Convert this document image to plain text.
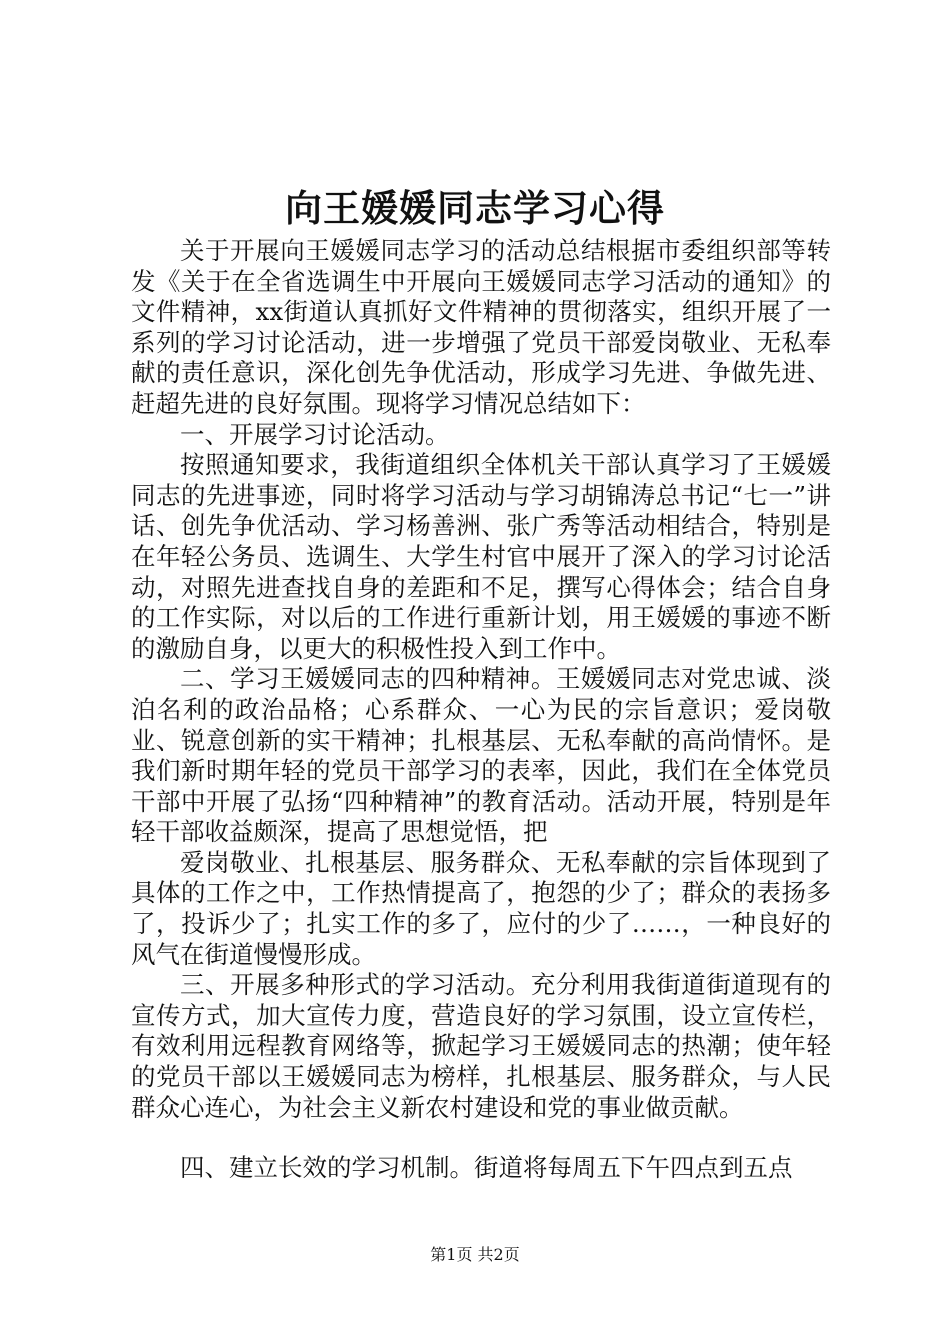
向王媛媛同志学习心得

关于开展向王媛媛同志学习的活动总结根据市委组织部等转发《关于在全省选调生中开展向王媛媛同志学习活动的通知》的文件精神，xx街道认真抓好文件精神的贯彻落实，组织开展了一系列的学习讨论活动，进一步增强了党员干部爱岗敬业、无私奉献的责任意识，深化创先争优活动，形成学习先进、争做先进、赶超先进的良好氛围。现将学习情况总结如下：

一、开展学习讨论活动。

按照通知要求，我街道组织全体机关干部认真学习了王媛媛同志的先进事迹，同时将学习活动与学习胡锦涛总书记“七一”讲话、创先争优活动、学习杨善洲、张广秀等活动相结合，特别是在年轻公务员、选调生、大学生村官中展开了深入的学习讨论活动，对照先进查找自身的差距和不足，撰写心得体会；结合自身的工作实际，对以后的工作进行重新计划，用王媛媛的事迹不断的激励自身，以更大的积极性投入到工作中。

二、学习王媛媛同志的四种精神。王媛媛同志对党忠诚、淡泊名利的政治品格；心系群众、一心为民的宗旨意识；爱岗敬业、锐意创新的实干精神；扎根基层、无私奉献的高尚情怀。是我们新时期年轻的党员干部学习的表率，因此，我们在全体党员干部中开展了弘扬“四种精神”的教育活动。活动开展，特别是年轻干部收益颇深，提高了思想觉悟，把

爱岗敬业、扎根基层、服务群众、无私奉献的宗旨体现到了具体的工作之中，工作热情提高了，抱怨的少了；群众的表扬多了，投诉少了；扎实工作的多了，应付的少了……，一种良好的风气在街道慢慢形成。

三、开展多种形式的学习活动。充分利用我街道街道现有的宣传方式，加大宣传力度，营造良好的学习氛围，设立宣传栏，有效利用远程教育网络等，掀起学习王媛媛同志的热潮；使年轻的党员干部以王媛媛同志为榜样，扎根基层、服务群众，与人民群众心连心，为社会主义新农村建设和党的事业做贡献。

四、建立长效的学习机制。街道将每周五下午四点到五点

第1页 共2页
